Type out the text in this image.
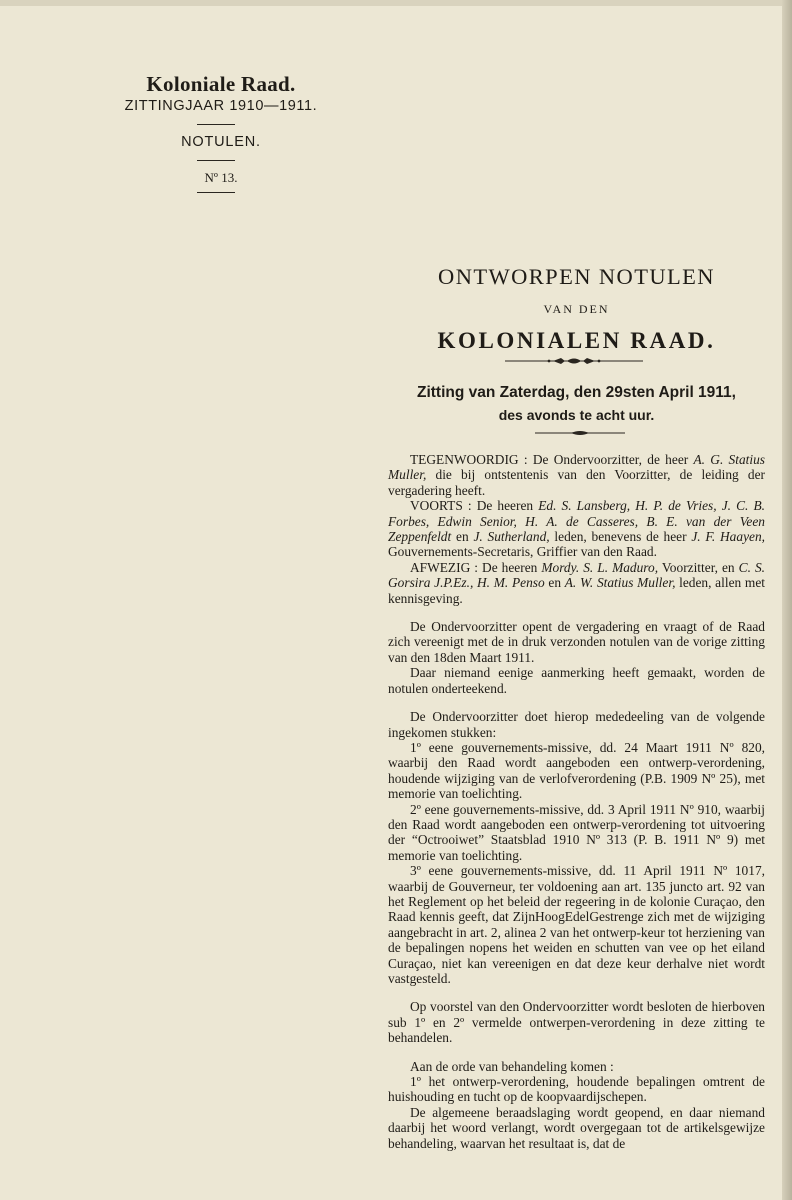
Koloniale Raad.
ZITTINGJAAR 1910—1911.
NOTULEN.
Nº 13.
ONTWORPEN NOTULEN
VAN DEN
KOLONIALEN RAAD.
Zitting van Zaterdag, den 29sten April 1911,
des avonds te acht uur.

TEGENWOORDIG : De Ondervoorzitter, de heer A. G. Statius Muller, die bij ontstentenis van den Voorzitter, de leiding der vergadering heeft.

VOORTS : De heeren Ed. S. Lansberg, H. P. de Vries, J. C. B. Forbes, Edwin Senior, H. A. de Casseres, B. E. van der Veen Zeppenfeldt en J. Sutherland, leden, benevens de heer J. F. Haayen, Gouvernements-Secretaris, Griffier van den Raad.

AFWEZIG : De heeren Mordy. S. L. Maduro, Voorzitter, en C. S. Gorsira J.P.Ez., H. M. Penso en A. W. Statius Muller, leden, allen met kennisgeving.

De Ondervoorzitter opent de vergadering en vraagt of de Raad zich vereenigt met de in druk verzonden notulen van de vorige zitting van den 18den Maart 1911.

Daar niemand eenige aanmerking heeft gemaakt, worden de notulen onderteekend.

De Ondervoorzitter doet hierop mededeeling van de volgende ingekomen stukken:

1º eene gouvernements-missive, dd. 24 Maart 1911 Nº 820, waarbij den Raad wordt aangeboden een ontwerp-verordening, houdende wijziging van de verlofverordening (P.B. 1909 Nº 25), met memorie van toelichting.

2º eene gouvernements-missive, dd. 3 April 1911 Nº 910, waarbij den Raad wordt aangeboden een ontwerp-verordening tot uitvoering der “Octrooiwet” Staatsblad 1910 Nº 313 (P. B. 1911 Nº 9) met memorie van toelichting.

3º eene gouvernements-missive, dd. 11 April 1911 Nº 1017, waarbij de Gouverneur, ter voldoening aan art. 135 juncto art. 92 van het Reglement op het beleid der regeering in de kolonie Curaçao, den Raad kennis geeft, dat ZijnHoogEdelGestrenge zich met de wijziging aangebracht in art. 2, alinea 2 van het ontwerp-keur tot herziening van de bepalingen nopens het weiden en schutten van vee op het eiland Curaçao, niet kan vereenigen en dat deze keur derhalve niet wordt vastgesteld.

Op voorstel van den Ondervoorzitter wordt besloten de hierboven sub 1º en 2º vermelde ontwerpen-verordening in deze zitting te behandelen.

Aan de orde van behandeling komen :

1º het ontwerp-verordening, houdende bepalingen omtrent de huishouding en tucht op de koopvaardijschepen.

De algemeene beraadslaging wordt geopend, en daar niemand daarbij het woord verlangt, wordt overgegaan tot de artikelsgewijze behandeling, waarvan het resultaat is, dat de
